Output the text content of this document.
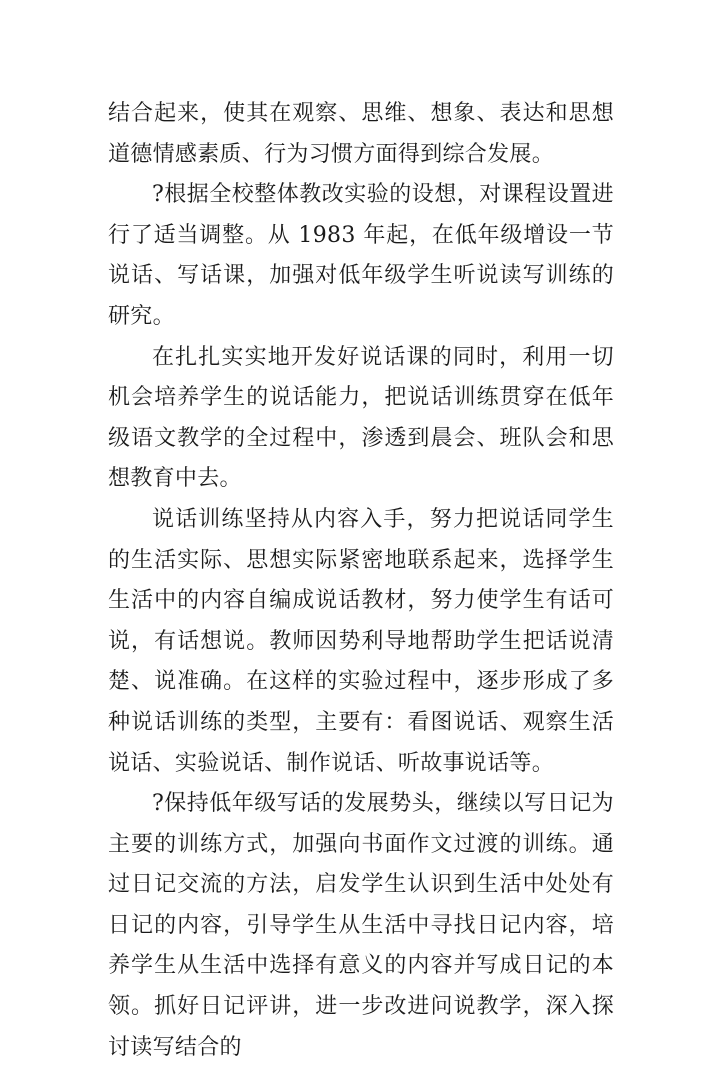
结合起来，使其在观察、思维、想象、表达和思想道德情感素质、行为习惯方面得到综合发展。

?根据全校整体教改实验的设想，对课程设置进行了适当调整。从 1983 年起，在低年级增设一节说话、写话课，加强对低年级学生听说读写训练的研究。

在扎扎实实地开发好说话课的同时，利用一切机会培养学生的说话能力，把说话训练贯穿在低年级语文教学的全过程中，渗透到晨会、班队会和思想教育中去。

说话训练坚持从内容入手，努力把说话同学生的生活实际、思想实际紧密地联系起来，选择学生生活中的内容自编成说话教材，努力使学生有话可说，有话想说。教师因势利导地帮助学生把话说清楚、说准确。在这样的实验过程中，逐步形成了多种说话训练的类型，主要有：看图说话、观察生活说话、实验说话、制作说话、听故事说话等。

?保持低年级写话的发展势头，继续以写日记为主要的训练方式，加强向书面作文过渡的训练。通过日记交流的方法，启发学生认识到生活中处处有日记的内容，引导学生从生活中寻找日记内容，培养学生从生活中选择有意义的内容并写成日记的本领。抓好日记评讲，进一步改进问说教学，深入探讨读写结合的
